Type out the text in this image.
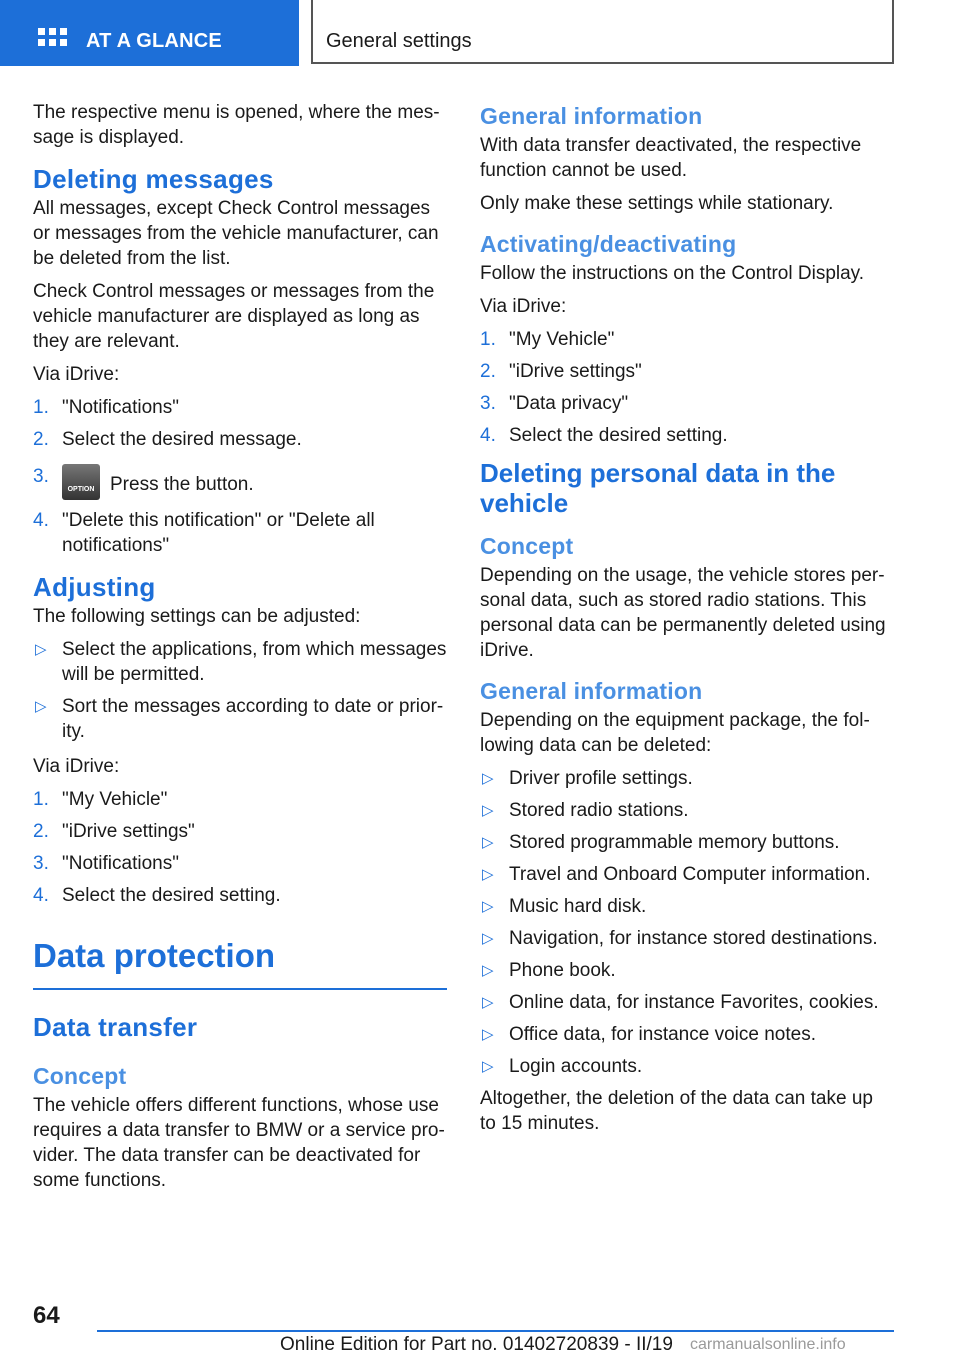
AT A GLANCE	General settings

The respective menu is opened, where the message is displayed.

Deleting messages

All messages, except Check Control messages or messages from the vehicle manufacturer, can be deleted from the list.

Check Control messages or messages from the vehicle manufacturer are displayed as long as they are relevant.

Via iDrive:

1. "Notifications"
2. Select the desired message.
3.
OPTION Press the button.
4. "Delete this notification" or "Delete all notifications"
Adjusting

The following settings can be adjusted:

▷ Select the applications, from which messages will be permitted.
▷ Sort the messages according to date or priority.

Via iDrive:

1. "My Vehicle"
2. "iDrive settings"
3. "Notifications"
4. Select the desired setting.
Data protection
Data transfer
Concept

The vehicle offers different functions, whose use requires a data transfer to BMW or a service provider. The data transfer can be deactivated for some functions.

General information

With data transfer deactivated, the respective function cannot be used.

Only make these settings while stationary.

Activating/deactivating

Follow the instructions on the Control Display.

Via iDrive:

1. "My Vehicle"
2. "iDrive settings"
3. "Data privacy"
4. Select the desired setting.
Deleting personal data in the vehicle
Concept

Depending on the usage, the vehicle stores personal data, such as stored radio stations. This personal data can be permanently deleted using iDrive.

General information

Depending on the equipment package, the following data can be deleted:

▷ Driver profile settings.
▷ Stored radio stations.
▷ Stored programmable memory buttons.
▷ Travel and Onboard Computer information.
▷ Music hard disk.
▷ Navigation, for instance stored destinations.
▷ Phone book.
▷ Online data, for instance Favorites, cookies.
▷ Office data, for instance voice notes.
▷ Login accounts.

Altogether, the deletion of the data can take up to 15 minutes.

64
Online Edition for Part no. 01402720839 - II/19 carmanualsonline.info
